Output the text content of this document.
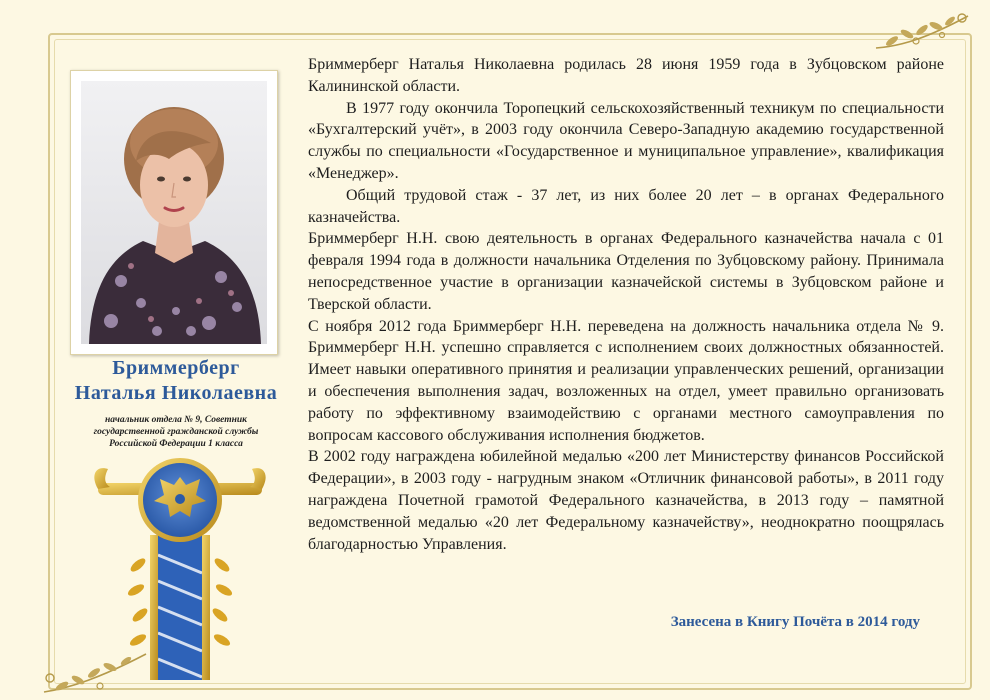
Бриммерберг
Наталья Николаевна
начальник отдела № 9, Советник государственной гражданской службы Российской Федерации 1 класса

Бриммерберг Наталья Николаевна родилась 28 июня 1959 года в Зубцовском районе Калининской области.

В 1977 году окончила Торопецкий сельскохозяйственный техникум по специальности «Бухгалтерский учёт», в 2003 году окончила Северо-Западную академию государственной службы по специальности «Государственное и муниципальное управление», квалификация «Менеджер».

Общий трудовой стаж - 37 лет, из них более 20 лет – в органах Федерального казначейства.

Бриммерберг Н.Н. свою деятельность в органах Федерального казначейства начала с 01 февраля 1994 года в должности начальника Отделения по Зубцовскому району. Принимала непосредственное участие в организации казначейской системы в Зубцовском районе и Тверской области.

С ноября 2012 года Бриммерберг Н.Н. переведена на должность начальника отдела № 9. Бриммерберг Н.Н. успешно справляется с исполнением своих должностных обязанностей. Имеет навыки оперативного принятия и реализации управленческих решений, организации и обеспечения выполнения задач, возложенных на отдел, умеет правильно организовать работу по эффективному взаимодействию с органами местного самоуправления по вопросам кассового обслуживания исполнения бюджетов.

В 2002 году награждена юбилейной медалью «200 лет Министерству финансов Российской Федерации», в 2003 году - нагрудным знаком «Отличник финансовой работы», в 2011 году награждена Почетной грамотой Федерального казначейства, в 2013 году – памятной ведомственной медалью «20 лет Федеральному казначейству», неоднократно поощрялась благодарностью Управления.

Занесена в Книгу Почёта в 2014 году
